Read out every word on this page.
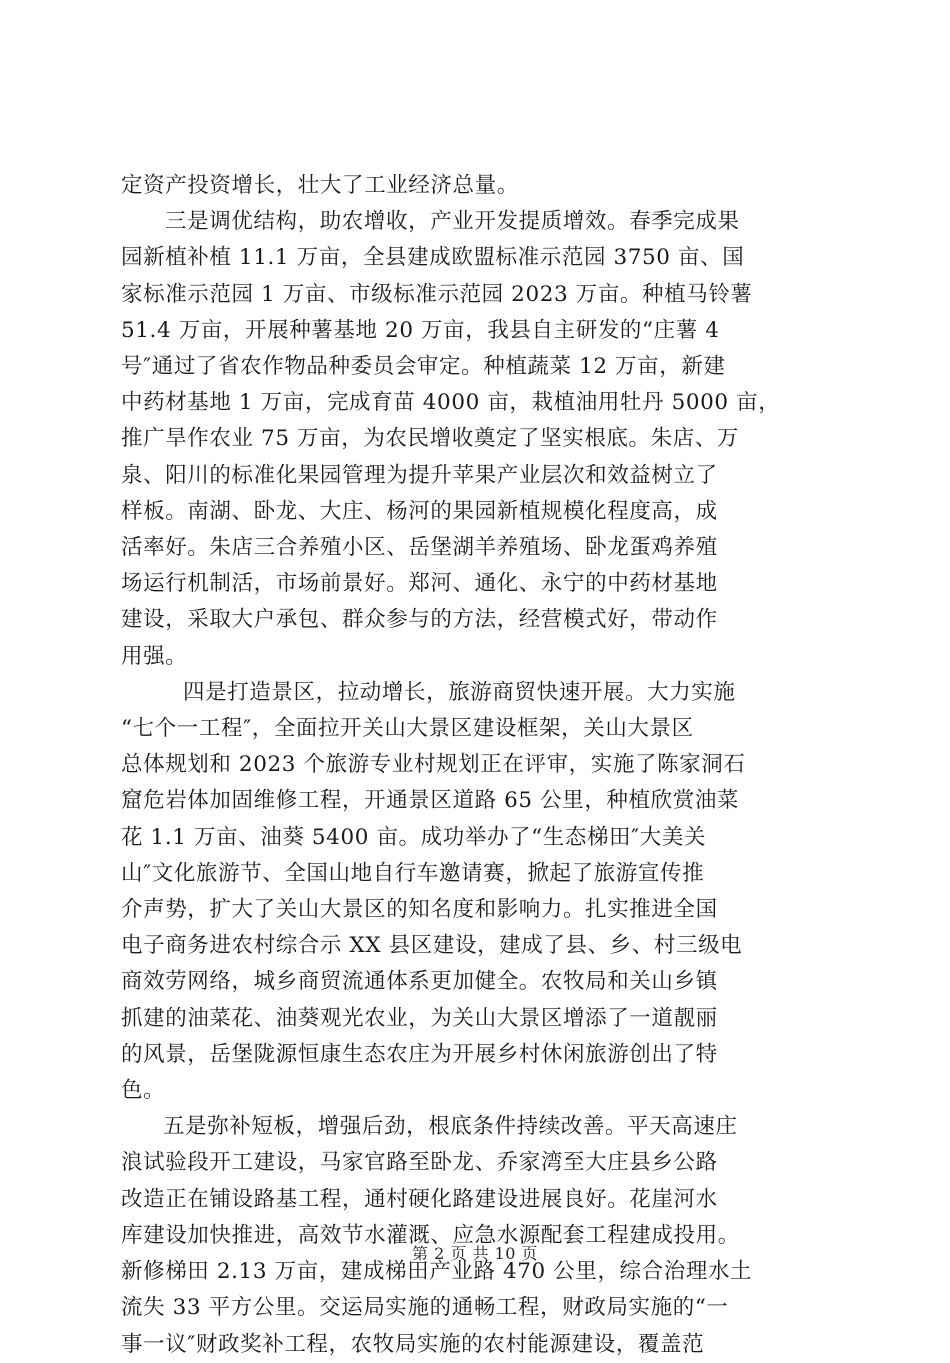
定资产投资增长，壮大了工业经济总量。
三是调优结构，助农增收，产业开发提质增效。春季完成果
园新植补植 11.1 万亩，全县建成欧盟标准示范园 3750 亩、国
家标准示范园 1 万亩、市级标准示范园 2023 万亩。种植马铃薯
51.4 万亩，开展种薯基地 20 万亩，我县自主研发的“庄薯 4
号″通过了省农作物品种委员会审定。种植蔬菜 12 万亩，新建
中药材基地 1 万亩，完成育苗 4000 亩，栽植油用牡丹 5000 亩，
推广旱作农业 75 万亩，为农民增收奠定了坚实根底。朱店、万
泉、阳川的标准化果园管理为提升苹果产业层次和效益树立了
样板。南湖、卧龙、大庄、杨河的果园新植规模化程度高，成
活率好。朱店三合养殖小区、岳堡湖羊养殖场、卧龙蛋鸡养殖
场运行机制活，市场前景好。郑河、通化、永宁的中药材基地
建设，采取大户承包、群众参与的方法，经营模式好，带动作
用强。
四是打造景区，拉动增长，旅游商贸快速开展。大力实施
“七个一工程″，全面拉开关山大景区建设框架，关山大景区
总体规划和 2023 个旅游专业村规划正在评审，实施了陈家洞石
窟危岩体加固维修工程，开通景区道路 65 公里，种植欣赏油菜
花 1.1 万亩、油葵 5400 亩。成功举办了“生态梯田″大美关
山″文化旅游节、全国山地自行车邀请赛，掀起了旅游宣传推
介声势，扩大了关山大景区的知名度和影响力。扎实推进全国
电子商务进农村综合示 XX 县区建设，建成了县、乡、村三级电
商效劳网络，城乡商贸流通体系更加健全。农牧局和关山乡镇
抓建的油菜花、油葵观光农业，为关山大景区增添了一道靓丽
的风景，岳堡陇源恒康生态农庄为开展乡村休闲旅游创出了特
色。
五是弥补短板，增强后劲，根底条件持续改善。平天高速庄
浪试验段开工建设，马家官路至卧龙、乔家湾至大庄县乡公路
改造正在铺设路基工程，通村硬化路建设进展良好。花崖河水
库建设加快推进，高效节水灌溉、应急水源配套工程建成投用。
新修梯田 2.13 万亩，建成梯田产业路 470 公里，综合治理水土
流失 33 平方公里。交运局实施的通畅工程，财政局实施的“一
事一议″财政奖补工程，农牧局实施的农村能源建设，覆盖范
第 2 页 共 10 页
